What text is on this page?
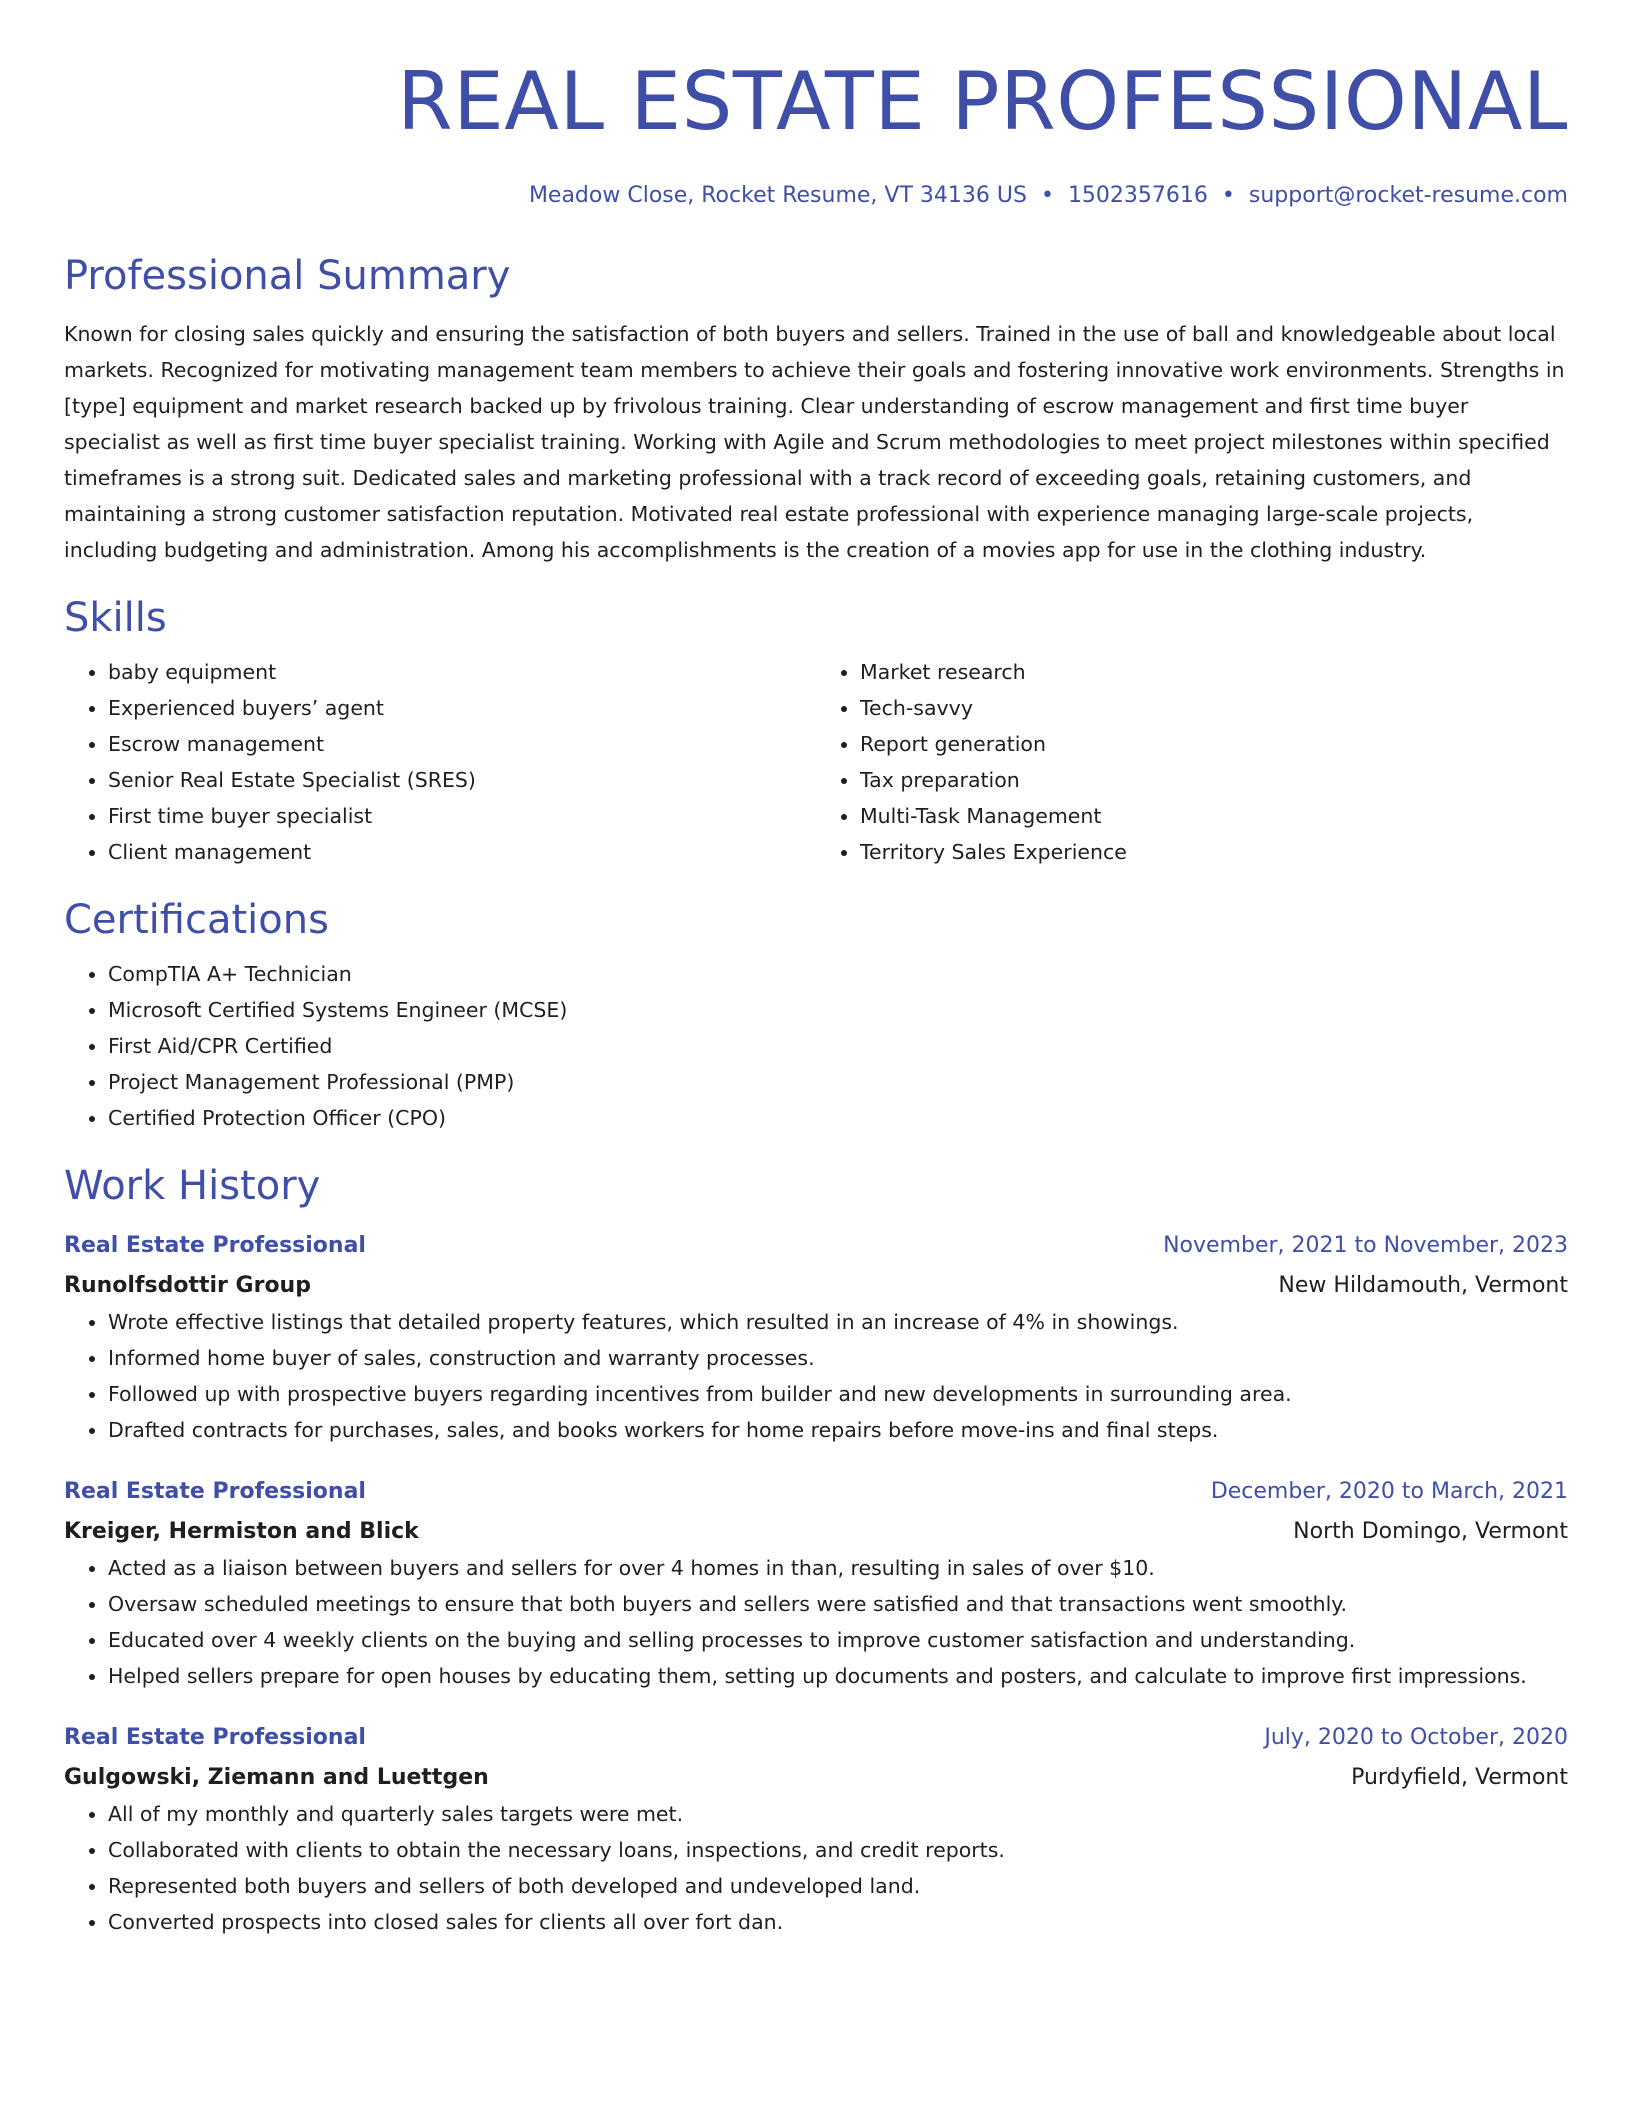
REAL ESTATE PROFESSIONAL
Meadow Close, Rocket Resume, VT 34136 US • 1502357616 • support@rocket-resume.com
Professional Summary

Known for closing sales quickly and ensuring the satisfaction of both buyers and sellers. Trained in the use of ball and knowledgeable about local markets. Recognized for motivating management team members to achieve their goals and fostering innovative work environments. Strengths in [type] equipment and market research backed up by frivolous training. Clear understanding of escrow management and first time buyer specialist as well as first time buyer specialist training. Working with Agile and Scrum methodologies to meet project milestones within specified timeframes is a strong suit. Dedicated sales and marketing professional with a track record of exceeding goals, retaining customers, and maintaining a strong customer satisfaction reputation. Motivated real estate professional with experience managing large-scale projects, including budgeting and administration. Among his accomplishments is the creation of a movies app for use in the clothing industry.

Skills
• baby equipment
• Experienced buyers’ agent
• Escrow management
• Senior Real Estate Specialist (SRES)
• First time buyer specialist
• Client management
• Market research
• Tech-savvy
• Report generation
• Tax preparation
• Multi-Task Management
• Territory Sales Experience
Certifications
• CompTIA A+ Technician
• Microsoft Certified Systems Engineer (MCSE)
• First Aid/CPR Certified
• Project Management Professional (PMP)
• Certified Protection Officer (CPO)
Work History
Real Estate Professional	November, 2021 to November, 2023
Runolfsdottir Group	New Hildamouth, Vermont
• Wrote effective listings that detailed property features, which resulted in an increase of 4% in showings.
• Informed home buyer of sales, construction and warranty processes.
• Followed up with prospective buyers regarding incentives from builder and new developments in surrounding area.
• Drafted contracts for purchases, sales, and books workers for home repairs before move-ins and final steps.
Real Estate Professional	December, 2020 to March, 2021
Kreiger, Hermiston and Blick	North Domingo, Vermont
• Acted as a liaison between buyers and sellers for over 4 homes in than, resulting in sales of over $10.
• Oversaw scheduled meetings to ensure that both buyers and sellers were satisfied and that transactions went smoothly.
• Educated over 4 weekly clients on the buying and selling processes to improve customer satisfaction and understanding.
• Helped sellers prepare for open houses by educating them, setting up documents and posters, and calculate to improve first impressions.
Real Estate Professional	July, 2020 to October, 2020
Gulgowski, Ziemann and Luettgen	Purdyfield, Vermont
• All of my monthly and quarterly sales targets were met.
• Collaborated with clients to obtain the necessary loans, inspections, and credit reports.
• Represented both buyers and sellers of both developed and undeveloped land.
• Converted prospects into closed sales for clients all over fort dan.
